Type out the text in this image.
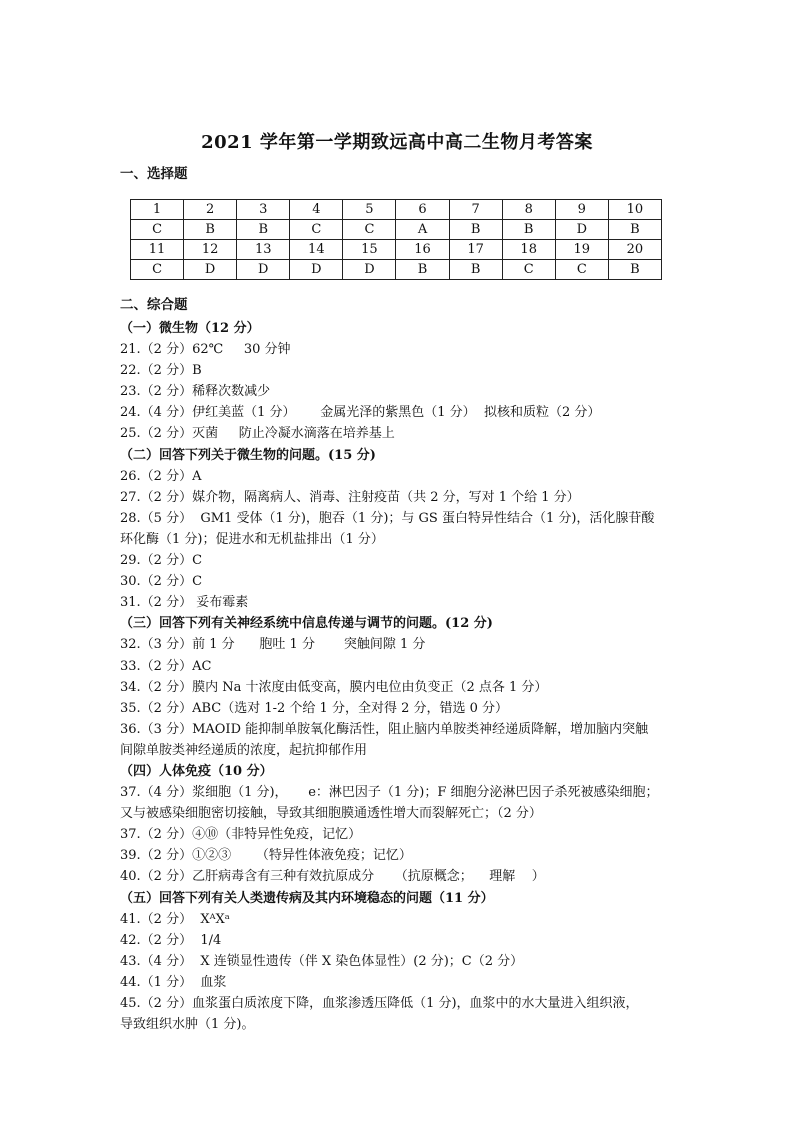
2021 学年第一学期致远高中高二生物月考答案
一、选择题
1	2	3	4	5	6	7	8	9	10
C	B	B	C	C	A	B	B	D	B
11	12	13	14	15	16	17	18	19	20
C	D	D	D	D	B	B	C	C	B
二、综合题
（一）微生物（12 分）
21.（2 分）62℃     30 分钟
22.（2 分）B
23.（2 分）稀释次数减少
24.（4 分）伊红美蓝（1 分）      金属光泽的紫黑色（1 分）  拟核和质粒（2 分）
25.（2 分）灭菌     防止冷凝水滴落在培养基上
（二）回答下列关于微生物的问题。(15 分)
26.（2 分）A
27.（2 分）媒介物，隔离病人、消毒、注射疫苗（共 2 分，写对 1 个给 1 分）
28.（5 分）  GM1 受体（1 分)，胞吞（1 分)；与 GS 蛋白特异性结合（1 分)，活化腺苷酸
环化酶（1 分)；促进水和无机盐排出（1 分）
29.（2 分）C
30.（2 分）C
31.（2 分） 妥布霉素
（三）回答下列有关神经系统中信息传递与调节的问题。(12 分)
32.（3 分）前 1 分      胞吐 1 分       突触间隙 1 分
33.（2 分）AC
34.（2 分）膜内 Na 十浓度由低变高，膜内电位由负变正（2 点各 1 分）
35.（2 分）ABC（选对 1-2 个给 1 分，全对得 2 分，错选 0 分）
36.（3 分）MAOID 能抑制单胺氧化酶活性，阻止脑内单胺类神经递质降解，增加脑内突触
间隙单胺类神经递质的浓度，起抗抑郁作用
（四）人体免疫（10 分）
37.（4 分）浆细胞（1 分)，     e：淋巴因子（1 分)；F 细胞分泌淋巴因子杀死被感染细胞；
又与被感染细胞密切接触，导致其细胞膜通透性增大而裂解死亡；（2 分）
37.（2 分）④⑩（非特异性免疫，记忆）
39.（2 分）①②③      （特异性体液免疫；记忆）
40.（2 分）乙肝病毒含有三种有效抗原成分     （抗原概念；    理解    ）
（五）回答下列有关人类遗传病及其内环境稳态的问题（11 分）
41.（2 分）  XᴬXᵃ
42.（2 分）  1/4
43.（4 分）  X 连锁显性遗传（伴 X 染色体显性）(2 分)；C（2 分）
44.（1 分）  血浆
45.（2 分）血浆蛋白质浓度下降，血浆渗透压降低（1 分)，血浆中的水大量进入组织液，
导致组织水肿（1 分)。
